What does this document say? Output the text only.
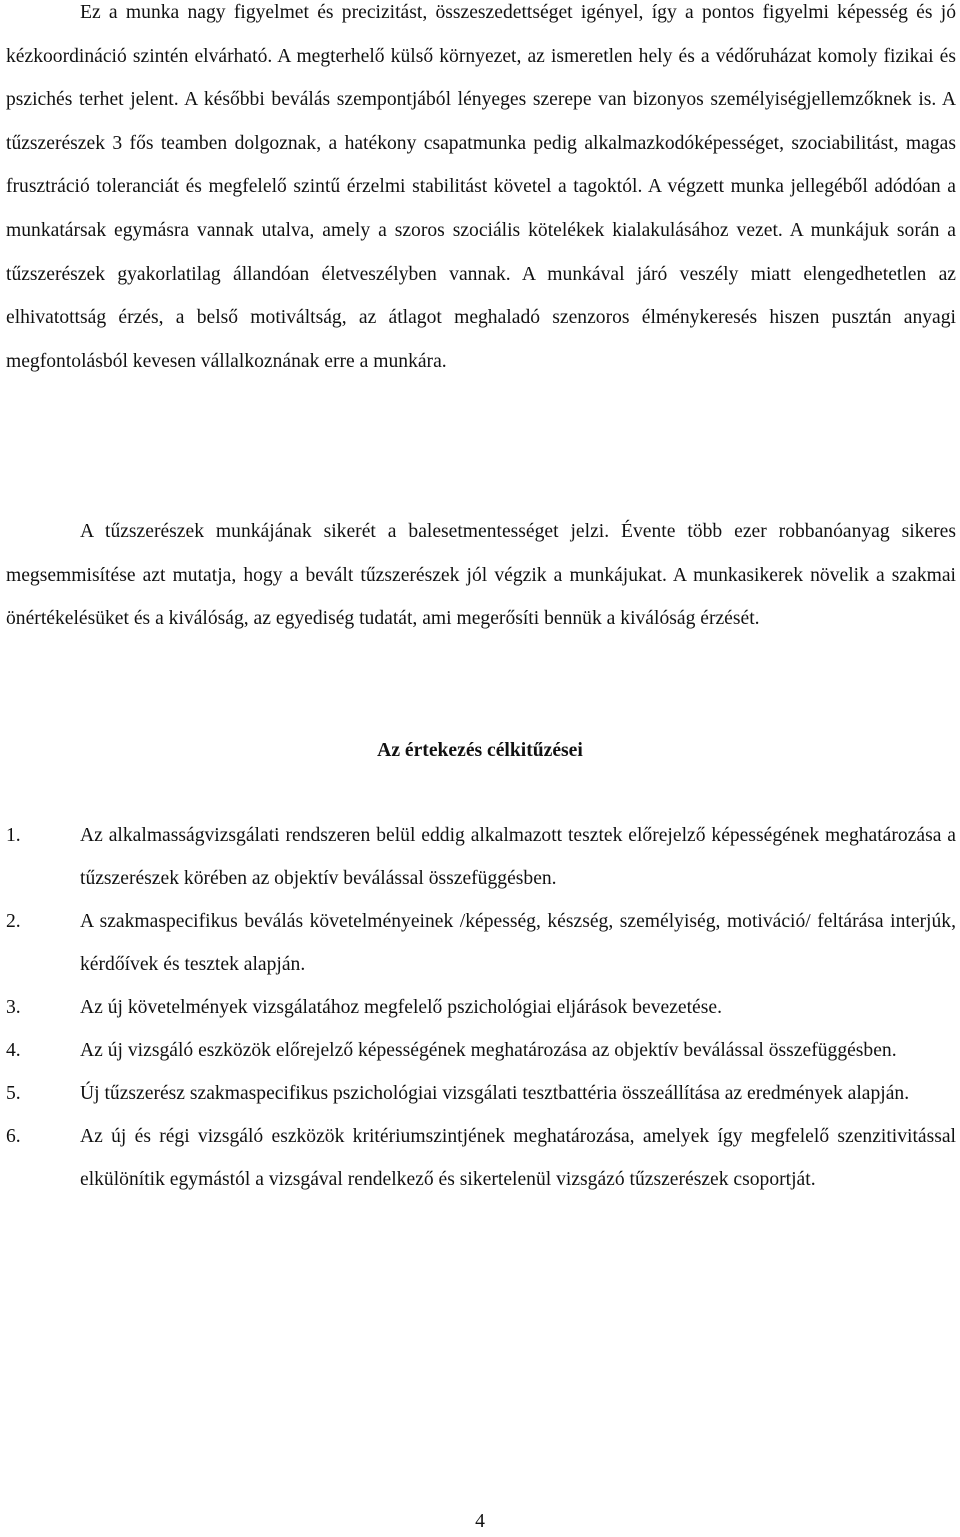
Ez a munka nagy figyelmet és precizitást, összeszedettséget igényel, így a pontos figyelmi képesség és jó kézkoordináció szintén elvárható. A megterhelő külső környezet, az ismeretlen hely és a védőruházat komoly fizikai és pszichés terhet jelent. A későbbi beválás szempontjából lényeges szerepe van bizonyos személyiségjellemzőknek is. A tűzszerészek 3 fős teamben dolgoznak, a hatékony csapatmunka pedig alkalmazkodóképességet, szociabilitást, magas frusztráció toleranciát és megfelelő szintű érzelmi stabilitást követel a tagoktól. A végzett munka jellegéből adódóan a munkatársak egymásra vannak utalva, amely a szoros szociális kötelékek kialakulásához vezet. A munkájuk során a tűzszerészek gyakorlatilag állandóan életveszélyben vannak. A munkával járó veszély miatt elengedhetetlen az elhivatottság érzés, a belső motiváltság, az átlagot meghaladó szenzoros élménykeresés hiszen pusztán anyagi megfontolásból kevesen vállalkoznának erre a munkára.

A tűzszerészek munkájának sikerét a balesetmentességet jelzi. Évente több ezer robbanóanyag sikeres megsemmisítése azt mutatja, hogy a bevált tűzszerészek jól végzik a munkájukat. A munkasikerek növelik a szakmai önértékelésüket és a kiválóság, az egyediség tudatát, ami megerősíti bennük a kiválóság érzését.

Az értekezés célkitűzései
1.	Az alkalmasságvizsgálati rendszeren belül eddig alkalmazott tesztek előrejelző képességének meghatározása a tűzszerészek körében az objektív beválással összefüggésben.
2.	A szakmaspecifikus beválás követelményeinek /képesség, készség, személyiség, motiváció/ feltárása interjúk, kérdőívek és tesztek alapján.
3.	Az új követelmények vizsgálatához megfelelő pszichológiai eljárások bevezetése.
4.	Az új vizsgáló eszközök előrejelző képességének meghatározása az objektív beválással összefüggésben.
5.	Új tűzszerész szakmaspecifikus pszichológiai vizsgálati tesztbattéria összeállítása az eredmények alapján.
6.	Az új és régi vizsgáló eszközök kritériumszintjének meghatározása, amelyek így megfelelő szenzitivitással elkülönítik egymástól a vizsgával rendelkező és sikertelenül vizsgázó tűzszerészek csoportját.

4
